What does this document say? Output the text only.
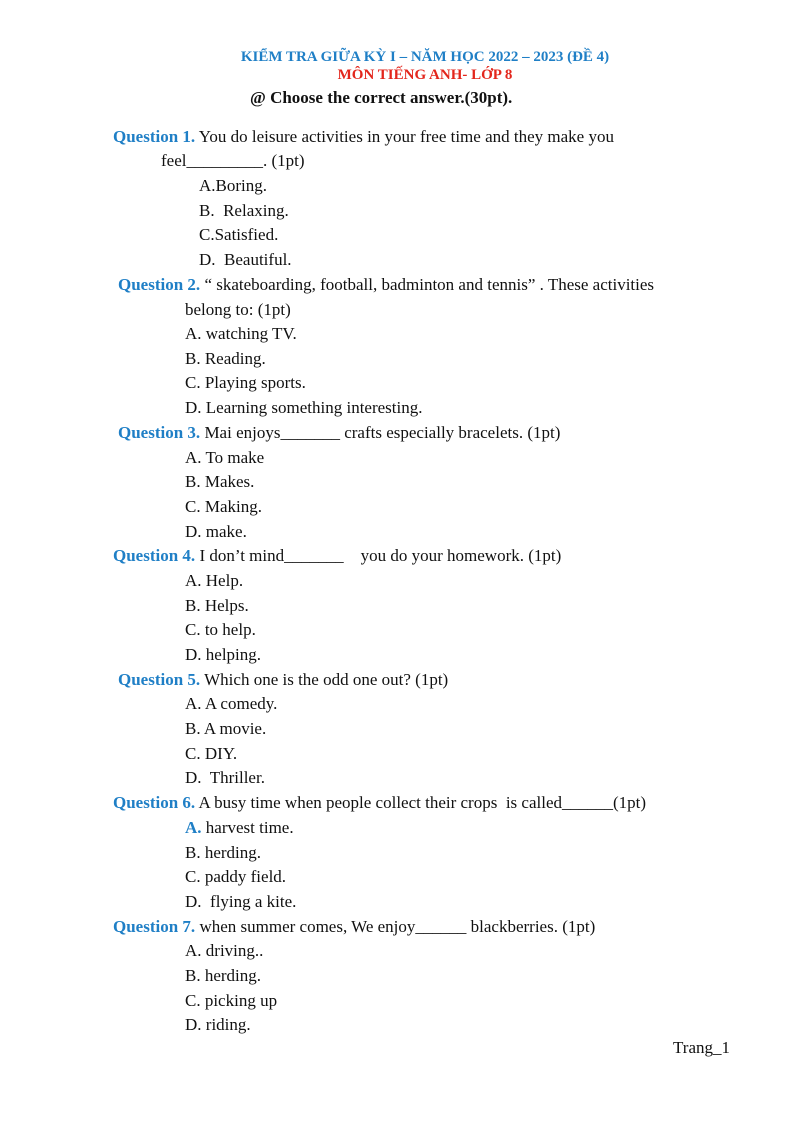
KIỂM TRA GIỮA KỲ I – NĂM HỌC 2022 – 2023 (ĐỀ 4)
MÔN TIẾNG ANH- LỚP 8
@ Choose the correct answer.(30pt).
Question 1. You do leisure activities in your free time and they make you
feel_________. (1pt)
A.Boring.
B.  Relaxing.
C.Satisfied.
D.  Beautiful.
Question 2. “ skateboarding, football, badminton and tennis” . These activities
belong to: (1pt)
A. watching TV.
B. Reading.
C. Playing sports.
D. Learning something interesting.
Question 3. Mai enjoys_______ crafts especially bracelets. (1pt)
A. To make
B. Makes.
C. Making.
D. make.
Question 4. I don’t mind_______    you do your homework. (1pt)
A. Help.
B. Helps.
C. to help.
D. helping.
Question 5. Which one is the odd one out? (1pt)
A. A comedy.
B. A movie.
C. DIY.
D.  Thriller.
Question 6. A busy time when people collect their crops  is called______(1pt)
A. harvest time.
B. herding.
C. paddy field.
D.  flying a kite.
Question 7. when summer comes, We enjoy______ blackberries. (1pt)
A. driving..
B. herding.
C. picking up
D. riding.
Trang_1
